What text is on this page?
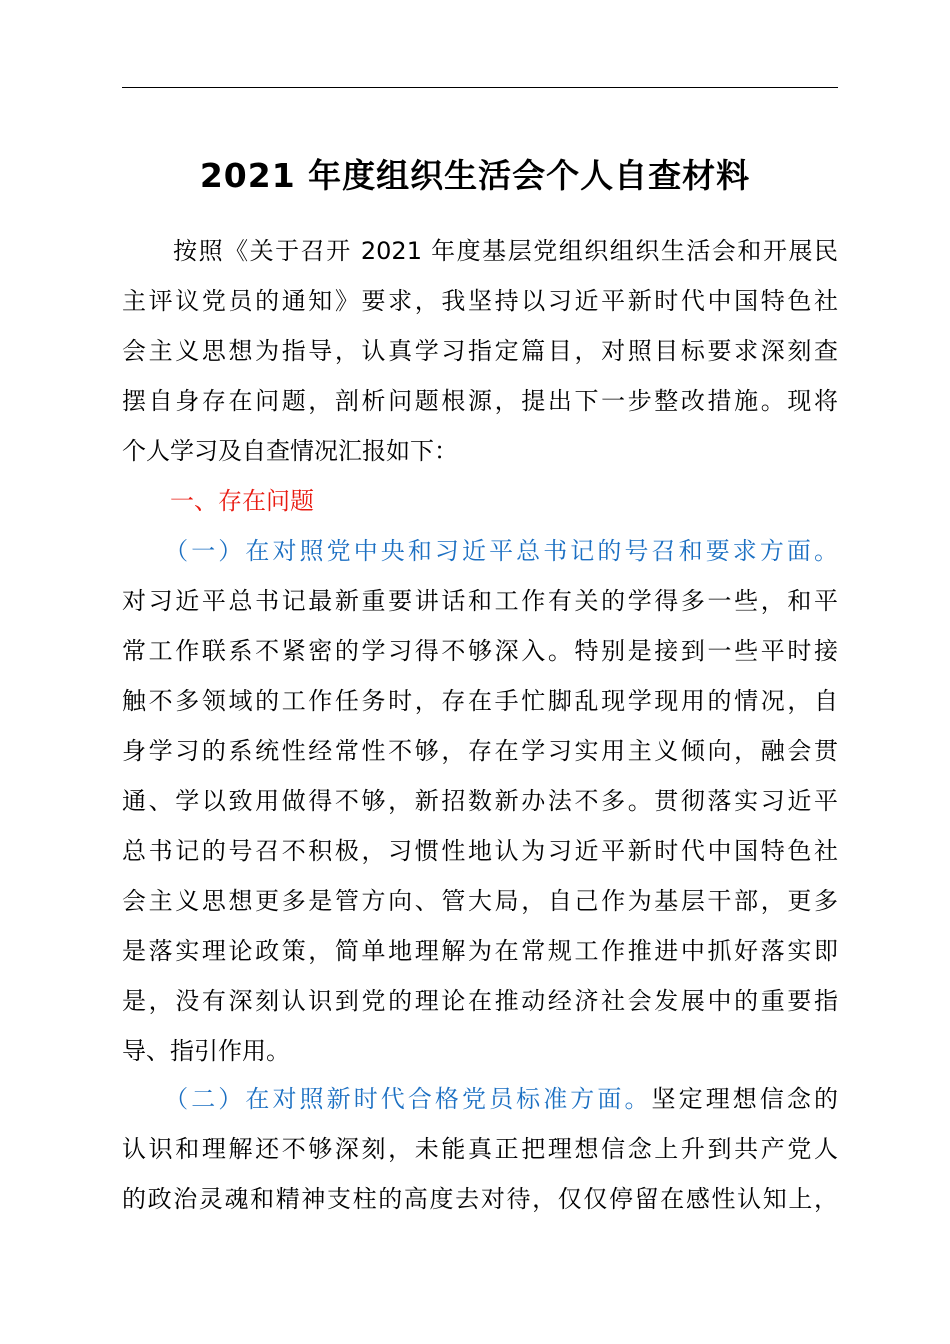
2021 年度组织生活会个人自查材料
　　按照《关于召开 2021 年度基层党组织组织生活会和开展民
主评议党员的通知》要求，我坚持以习近平新时代中国特色社
会主义思想为指导，认真学习指定篇目，对照目标要求深刻查
摆自身存在问题，剖析问题根源，提出下一步整改措施。现将
个人学习及自查情况汇报如下：
　　一、存在问题
　　（一）在对照党中央和习近平总书记的号召和要求方面。
对习近平总书记最新重要讲话和工作有关的学得多一些，和平
常工作联系不紧密的学习得不够深入。特别是接到一些平时接
触不多领域的工作任务时，存在手忙脚乱现学现用的情况，自
身学习的系统性经常性不够，存在学习实用主义倾向，融会贯
通、学以致用做得不够，新招数新办法不多。贯彻落实习近平
总书记的号召不积极，习惯性地认为习近平新时代中国特色社
会主义思想更多是管方向、管大局，自己作为基层干部，更多
是落实理论政策，简单地理解为在常规工作推进中抓好落实即
是，没有深刻认识到党的理论在推动经济社会发展中的重要指
导、指引作用。
　　（二）在对照新时代合格党员标准方面。坚定理想信念的
认识和理解还不够深刻，未能真正把理想信念上升到共产党人
的政治灵魂和精神支柱的高度去对待，仅仅停留在感性认知上，
